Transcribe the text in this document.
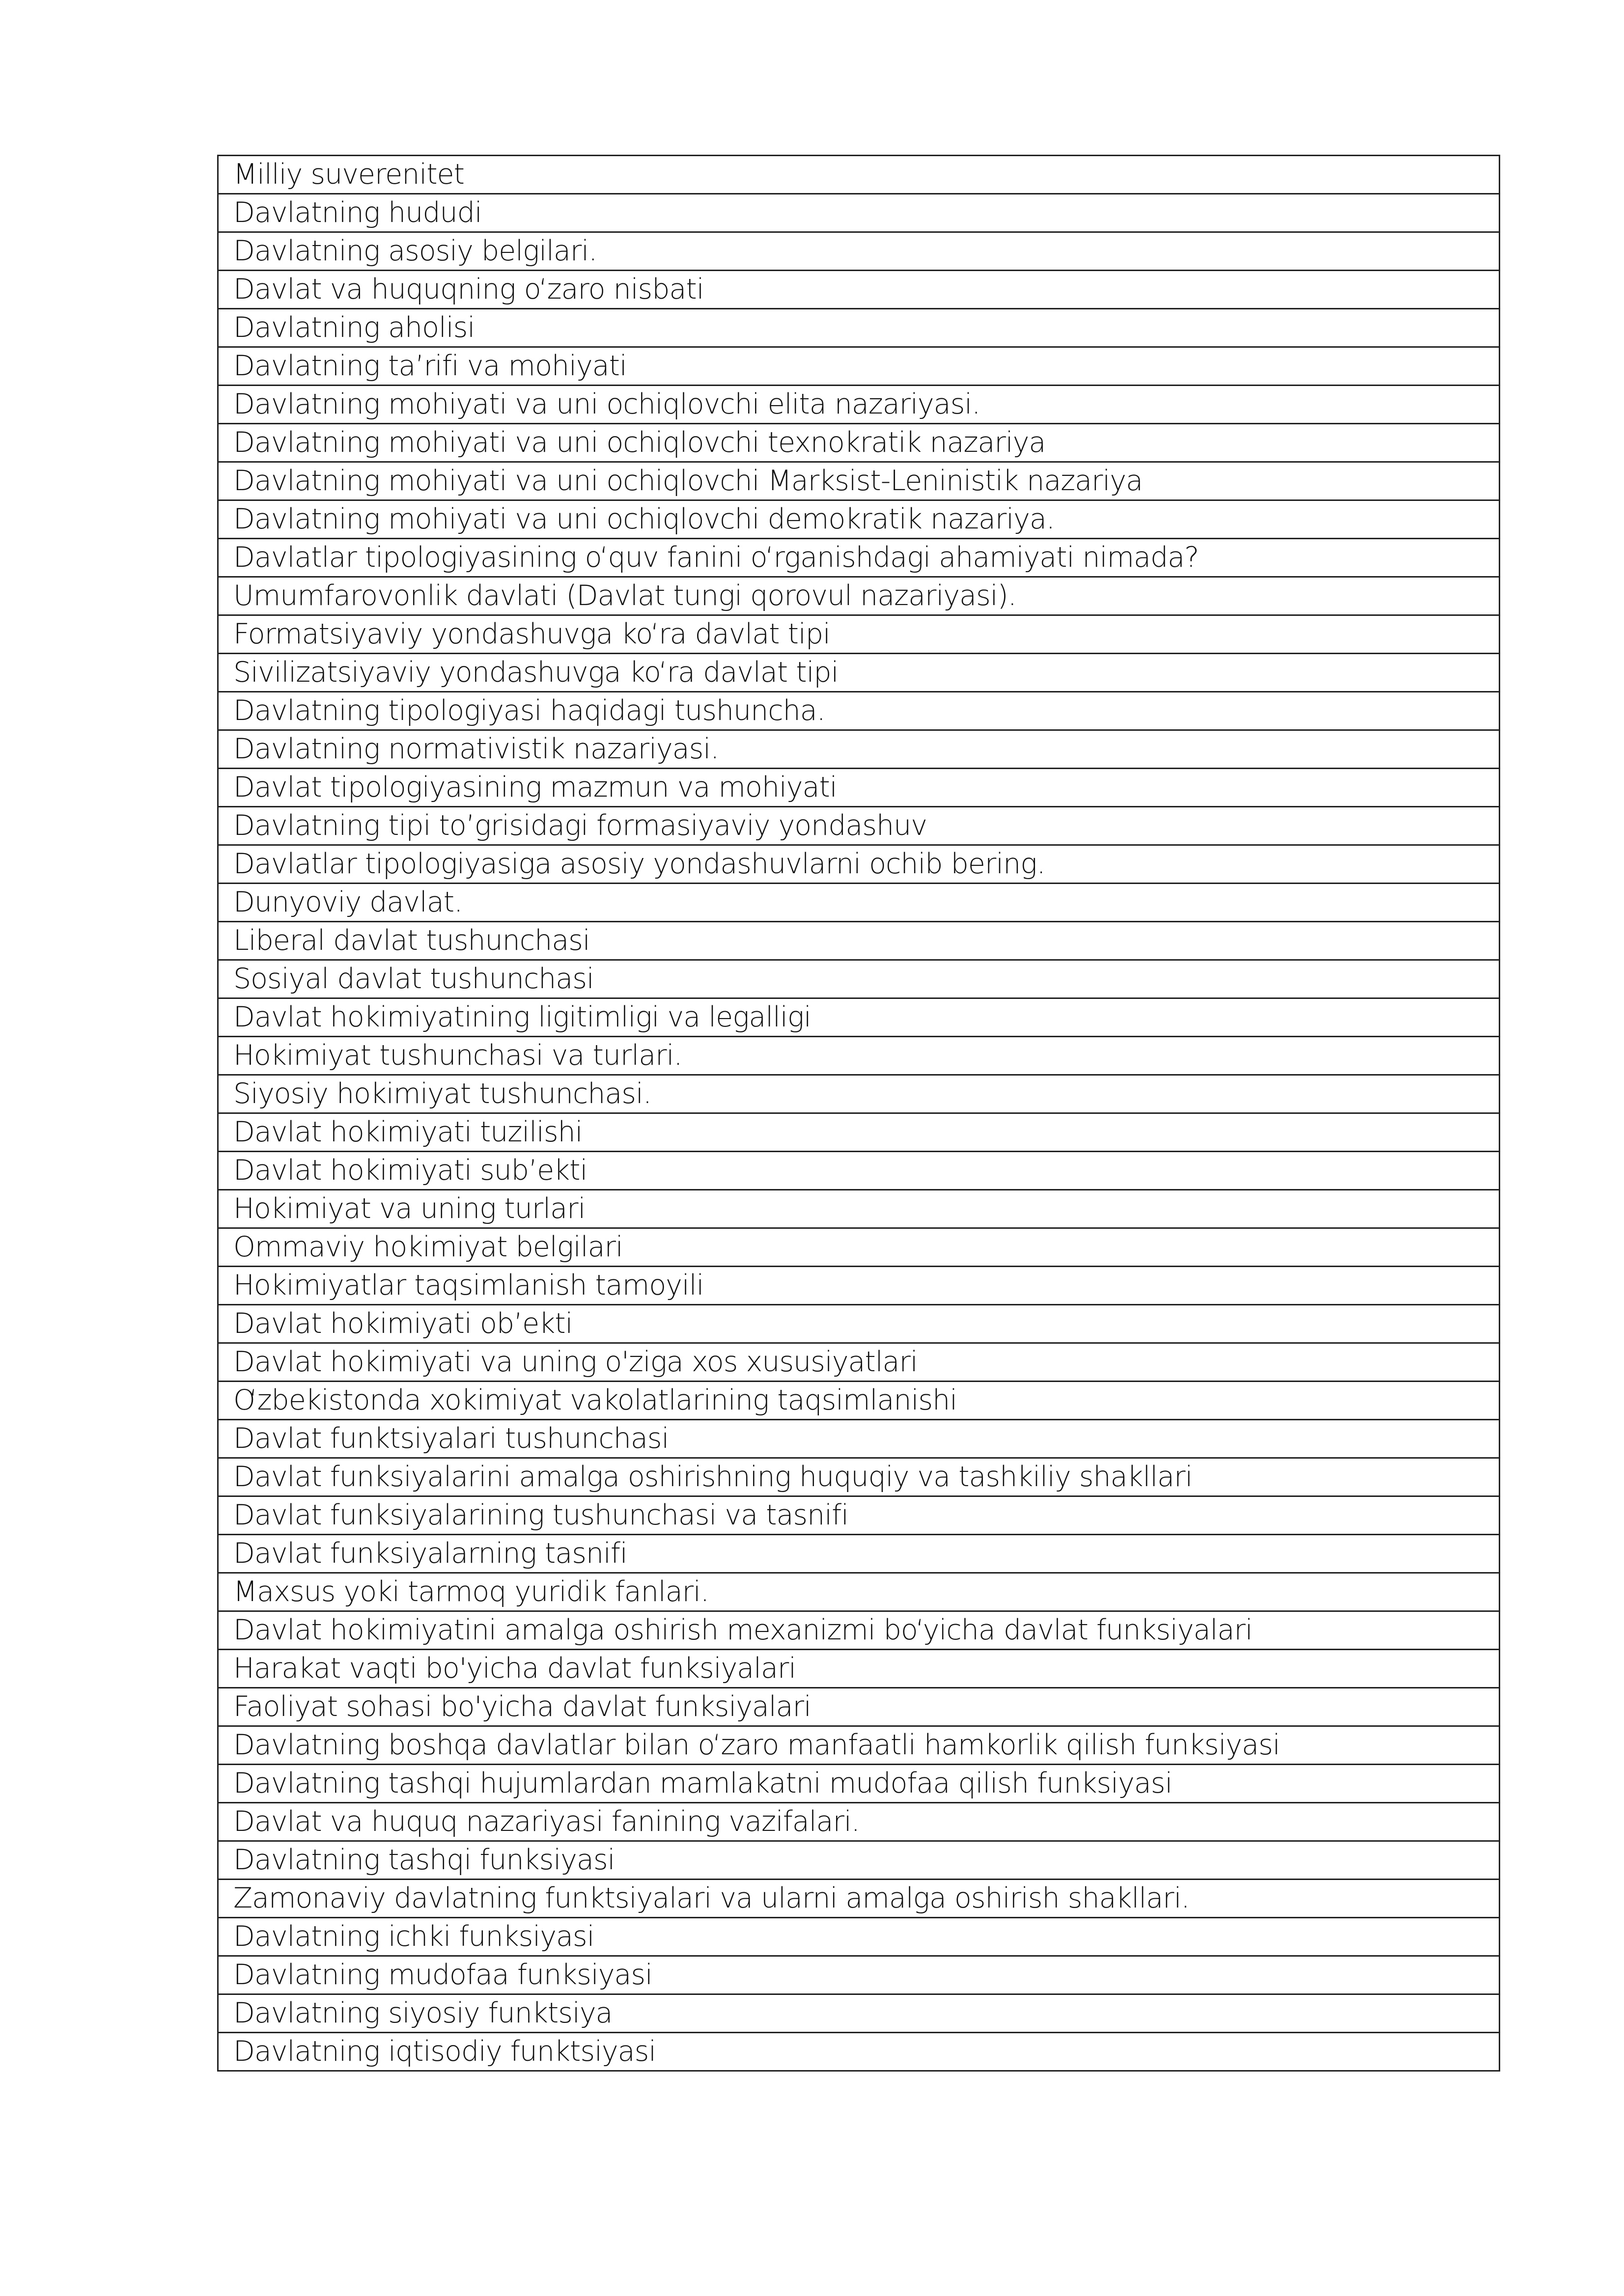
Milliy suverenitet
Davlatning hududi
Davlatning asosiy belgilari.
Davlat va huquqning o‘zaro nisbati
Davlatning aholisi
Davlatning ta’rifi va mohiyati
Davlatning mohiyati va uni ochiqlovchi elita nazariyasi.
Davlatning mohiyati va uni ochiqlovchi texnokratik nazariya
Davlatning mohiyati va uni ochiqlovchi Marksist-Leninistik nazariya
Davlatning mohiyati va uni ochiqlovchi demokratik nazariya.
Davlatlar tipologiyasining o‘quv fanini o‘rganishdagi ahamiyati nimada?
Umumfarovonlik davlati (Davlat tungi qorovul nazariyasi).
Formatsiyaviy yondashuvga ko‘ra davlat tipi
Sivilizatsiyaviy yondashuvga ko‘ra davlat tipi
Davlatning tipologiyasi haqidagi tushuncha.
Davlatning normativistik nazariyasi.
Davlat tipologiyasining mazmun va mohiyati
Davlatning tipi to’grisidagi formasiyaviy yondashuv
Davlatlar tipologiyasiga asosiy yondashuvlarni ochib bering.
Dunyoviy davlat.
Liberal davlat tushunchasi
Sosiyal davlat tushunchasi
Davlat hokimiyatining ligitimligi va legalligi
Hokimiyat tushunchasi va turlari.
Siyosiy hokimiyat tushunchasi.
Davlat hokimiyati tuzilishi
Davlat hokimiyati sub’ekti
Hokimiyat va uning turlari
Ommaviy hokimiyat belgilari
Hokimiyatlar taqsimlanish tamoyili
Davlat hokimiyati ob’ekti
Davlat hokimiyati va uning o'ziga xos xususiyatlari
O‘zbekistonda xokimiyat vakolatlarining taqsimlanishi
Davlat funktsiyalari tushunchasi
Davlat funksiyalarini amalga oshirishning huquqiy va tashkiliy shakllari
Davlat funksiyalarining tushunchasi va tasnifi
Davlat funksiyalarning tasnifi
Maxsus yoki tarmoq yuridik fanlari.
Davlat hokimiyatini amalga oshirish mexanizmi bo‘yicha davlat funksiyalari
Harakat vaqti bo'yicha davlat funksiyalari
Faoliyat sohasi bo'yicha davlat funksiyalari
Davlatning boshqa davlatlar bilan o‘zaro manfaatli hamkorlik qilish funksiyasi
Davlatning tashqi hujumlardan mamlakatni mudofaa qilish funksiyasi
Davlat va huquq nazariyasi fanining vazifalari.
Davlatning tashqi funksiyasi
Zamonaviy davlatning funktsiyalari va ularni amalga oshirish shakllari.
Davlatning ichki funksiyasi
Davlatning mudofaa funksiyasi
Davlatning siyosiy funktsiya
Davlatning iqtisodiy funktsiyasi
